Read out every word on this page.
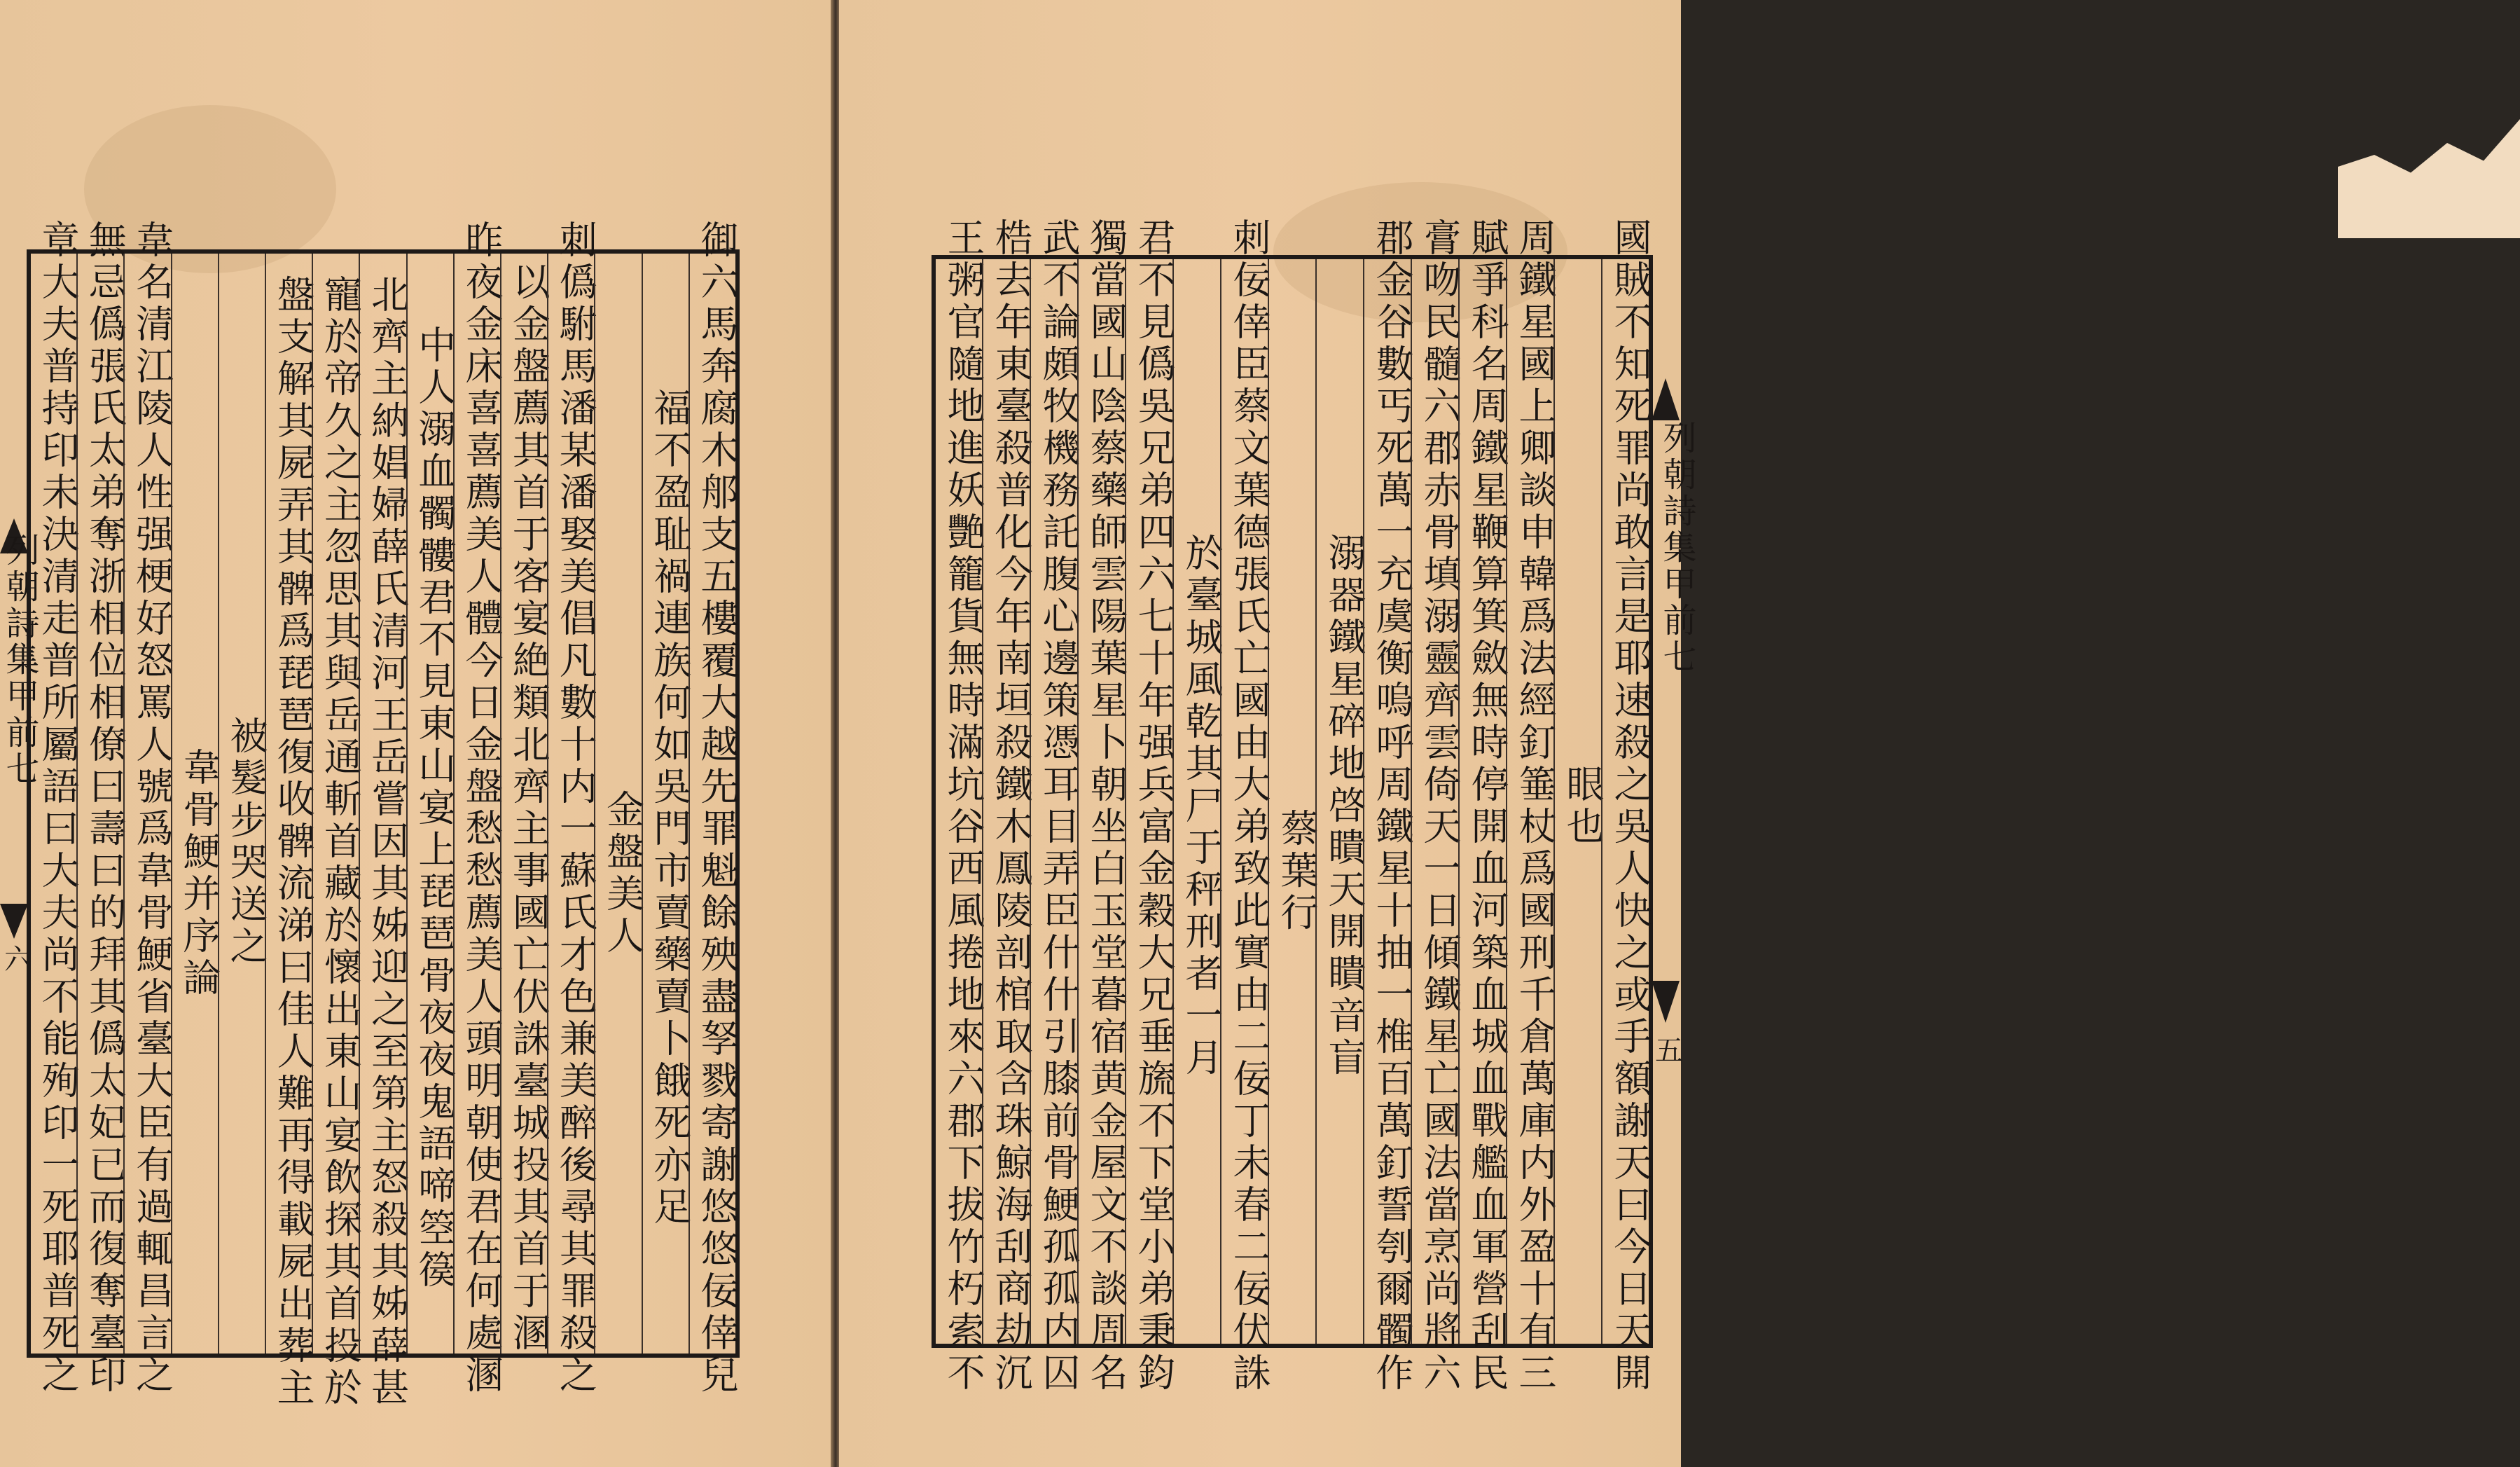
列朝詩集甲前七
六	御六馬奔腐木郍支五樓覆大越先罪魁餘殃盡孥戮寄謝悠悠佞倖兒
福不盈耻禍連族何如吳門市賣藥賣卜餓死亦足
金盤美人
刺僞駙馬潘某潘娶美倡凡數十内一蘇氏才色兼美醉後尋其罪殺之
以金盤薦其首于客宴絶類北齊主事國亡伏誅臺城投其首于溷
昨夜金床喜喜薦美人體今日金盤愁愁薦美人頭明朝使君在何處溷
中人溺血髑髏君不見東山宴上琵琶骨夜夜鬼語啼箜篌
北齊主納娼婦薛氏清河王岳嘗因其姊迎之至第主怒殺其姊薛甚
寵於帝久之主忽思其與岳通斬首藏於懷出東山宴飲探其首投於
盤支解其屍弄其髀爲琵琶復收髀流涕曰佳人難再得載屍出葬主
被髮步哭送之
韋骨鯁并序論
韋名清江陵人性强梗好怒罵人號爲韋骨鯁省臺大臣有過輒昌言之
無忌僞張氏太弟奪浙相位相僚曰壽曰的拜其僞太妃已而復奪臺印
章大夫普持印未決清走普所屬語曰大夫尚不能殉印一死耶普死之	列朝詩集甲前七
五
國賊不知死罪尚敢言是耶速殺之吳人快之或手額謝天曰今日天開
眼也
周鐵星國上卿談申韓爲法經釘箠杖爲國刑千倉萬庫内外盈十有三
賦爭科名周鐵星鞭算箕斂無時停開血河築血城血戰艦血軍營刮民
膏吻民髓六郡赤骨填溺靈齊雲倚天一日傾鐵星亡國法當烹尚將六
郡金谷數丐死萬一充虞衡嗚呼周鐵星十抽一椎百萬釘誓刳爾髑作
溺器鐵星碎地啓瞶天開瞶音盲
蔡葉行
刺佞倖臣蔡文葉德張氏亡國由大弟致此實由二佞丁未春二佞伏誅
於臺城風乾其尸于秤刑者一月
君不見僞吳兄弟四六七十年强兵富金穀大兄垂旒不下堂小弟秉鈞
獨當國山陰蔡藥師雲陽葉星卜朝坐白玉堂暮宿黄金屋文不談周名
武不論頗牧機務託腹心邊策憑耳目弄臣什什引膝前骨鯁孤孤内囚
梏去年東臺殺普化今年南垣殺鐵木鳳陵剖棺取含珠鯨海刮商劫沉
王粥官隨地進妖艷籠貨無時滿坑谷西風捲地來六郡下拔竹朽索不
